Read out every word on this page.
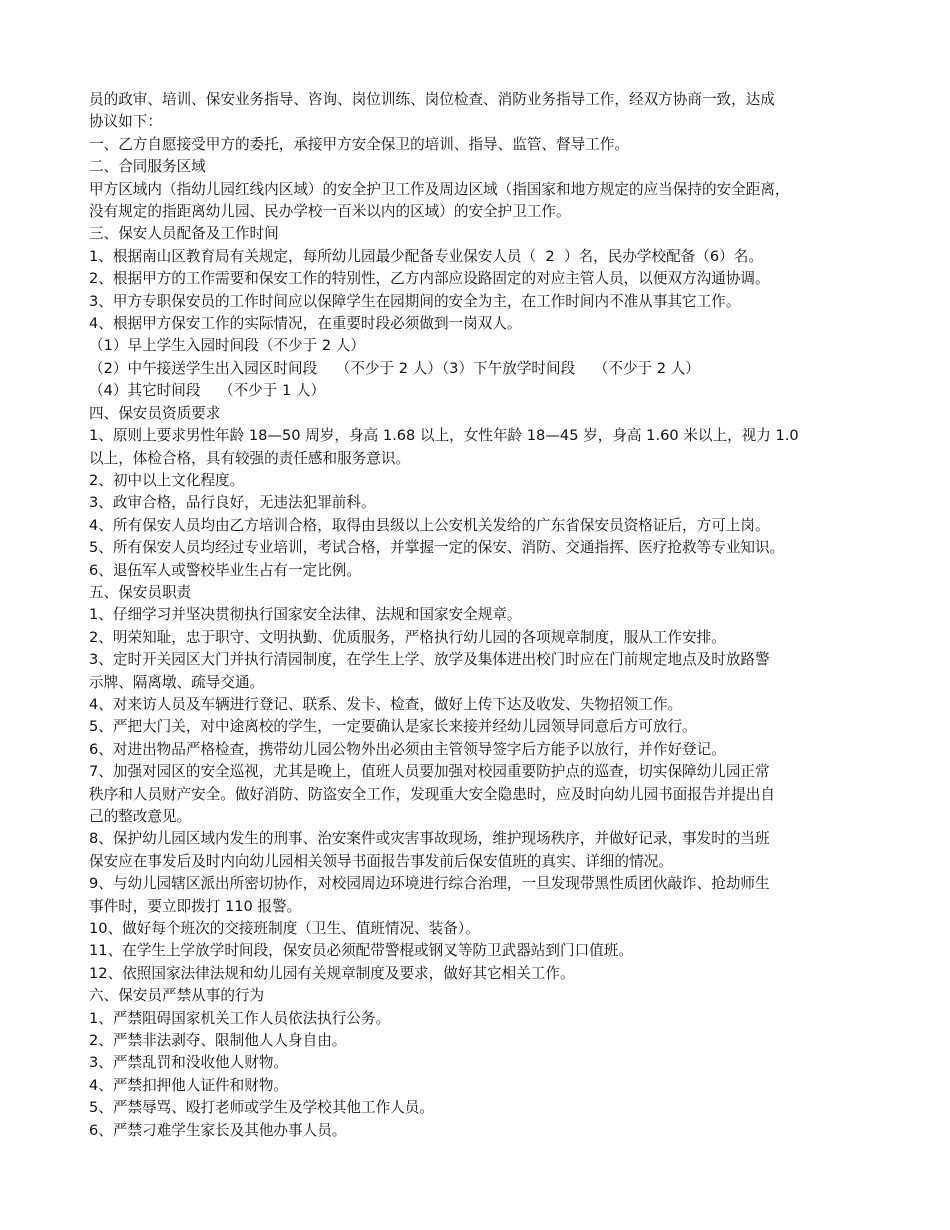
员的政审、培训、保安业务指导、咨询、岗位训练、岗位检查、消防业务指导工作，经双方协商一致，达成
协议如下：
一、乙方自愿接受甲方的委托，承接甲方安全保卫的培训、指导、监管、督导工作。
二、合同服务区域
甲方区域内（指幼儿园红线内区域）的安全护卫工作及周边区域（指国家和地方规定的应当保持的安全距离，
没有规定的指距离幼儿园、民办学校一百米以内的区域）的安全护卫工作。
三、保安人员配备及工作时间
1、根据南山区教育局有关规定，每所幼儿园最少配备专业保安人员（  2  ）名，民办学校配备（6）名。
2、根据甲方的工作需要和保安工作的特别性，乙方内部应设路固定的对应主管人员，以便双方沟通协调。
3、甲方专职保安员的工作时间应以保障学生在园期间的安全为主，在工作时间内不准从事其它工作。
4、根据甲方保安工作的实际情况，在重要时段必须做到一岗双人。
（1）早上学生入园时间段（不少于 2 人）
（2）中午接送学生出入园区时间段    （不少于 2 人）（3）下午放学时间段    （不少于 2 人）
（4）其它时间段    （不少于 1 人）
四、保安员资质要求
1、原则上要求男性年龄 18—50 周岁，身高 1.68 以上，女性年龄 18—45 岁，身高 1.60 米以上，视力 1.0
以上，体检合格，具有较强的责任感和服务意识。
2、初中以上文化程度。
3、政审合格，品行良好，无违法犯罪前科。
4、所有保安人员均由乙方培训合格，取得由县级以上公安机关发给的广东省保安员资格证后，方可上岗。
5、所有保安人员均经过专业培训，考试合格，并掌握一定的保安、消防、交通指挥、医疗抢救等专业知识。
6、退伍军人或警校毕业生占有一定比例。
五、保安员职责
1、仔细学习并坚决贯彻执行国家安全法律、法规和国家安全规章。
2、明荣知耻，忠于职守、文明执勤、优质服务，严格执行幼儿园的各项规章制度，服从工作安排。
3、定时开关园区大门并执行清园制度，在学生上学、放学及集体进出校门时应在门前规定地点及时放路警
示牌、隔离墩、疏导交通。
4、对来访人员及车辆进行登记、联系、发卡、检查，做好上传下达及收发、失物招领工作。
5、严把大门关，对中途离校的学生，一定要确认是家长来接并经幼儿园领导同意后方可放行。
6、对进出物品严格检查，携带幼儿园公物外出必须由主管领导签字后方能予以放行，并作好登记。
7、加强对园区的安全巡视，尤其是晚上，值班人员要加强对校园重要防护点的巡查，切实保障幼儿园正常
秩序和人员财产安全。做好消防、防盗安全工作，发现重大安全隐患时，应及时向幼儿园书面报告并提出自
己的整改意见。
8、保护幼儿园区域内发生的刑事、治安案件或灾害事故现场，维护现场秩序，并做好记录，事发时的当班
保安应在事发后及时内向幼儿园相关领导书面报告事发前后保安值班的真实、详细的情况。
9、与幼儿园辖区派出所密切协作，对校园周边环境进行综合治理，一旦发现带黑性质团伙敲诈、抢劫师生
事件时，要立即拨打 110 报警。
10、做好每个班次的交接班制度（卫生、值班情况、装备）。
11、在学生上学放学时间段，保安员必须配带警棍或钢叉等防卫武器站到门口值班。
12、依照国家法律法规和幼儿园有关规章制度及要求，做好其它相关工作。
六、保安员严禁从事的行为
1、严禁阻碍国家机关工作人员依法执行公务。
2、严禁非法剥夺、限制他人人身自由。
3、严禁乱罚和没收他人财物。
4、严禁扣押他人证件和财物。
5、严禁辱骂、殴打老师或学生及学校其他工作人员。
6、严禁刁难学生家长及其他办事人员。
